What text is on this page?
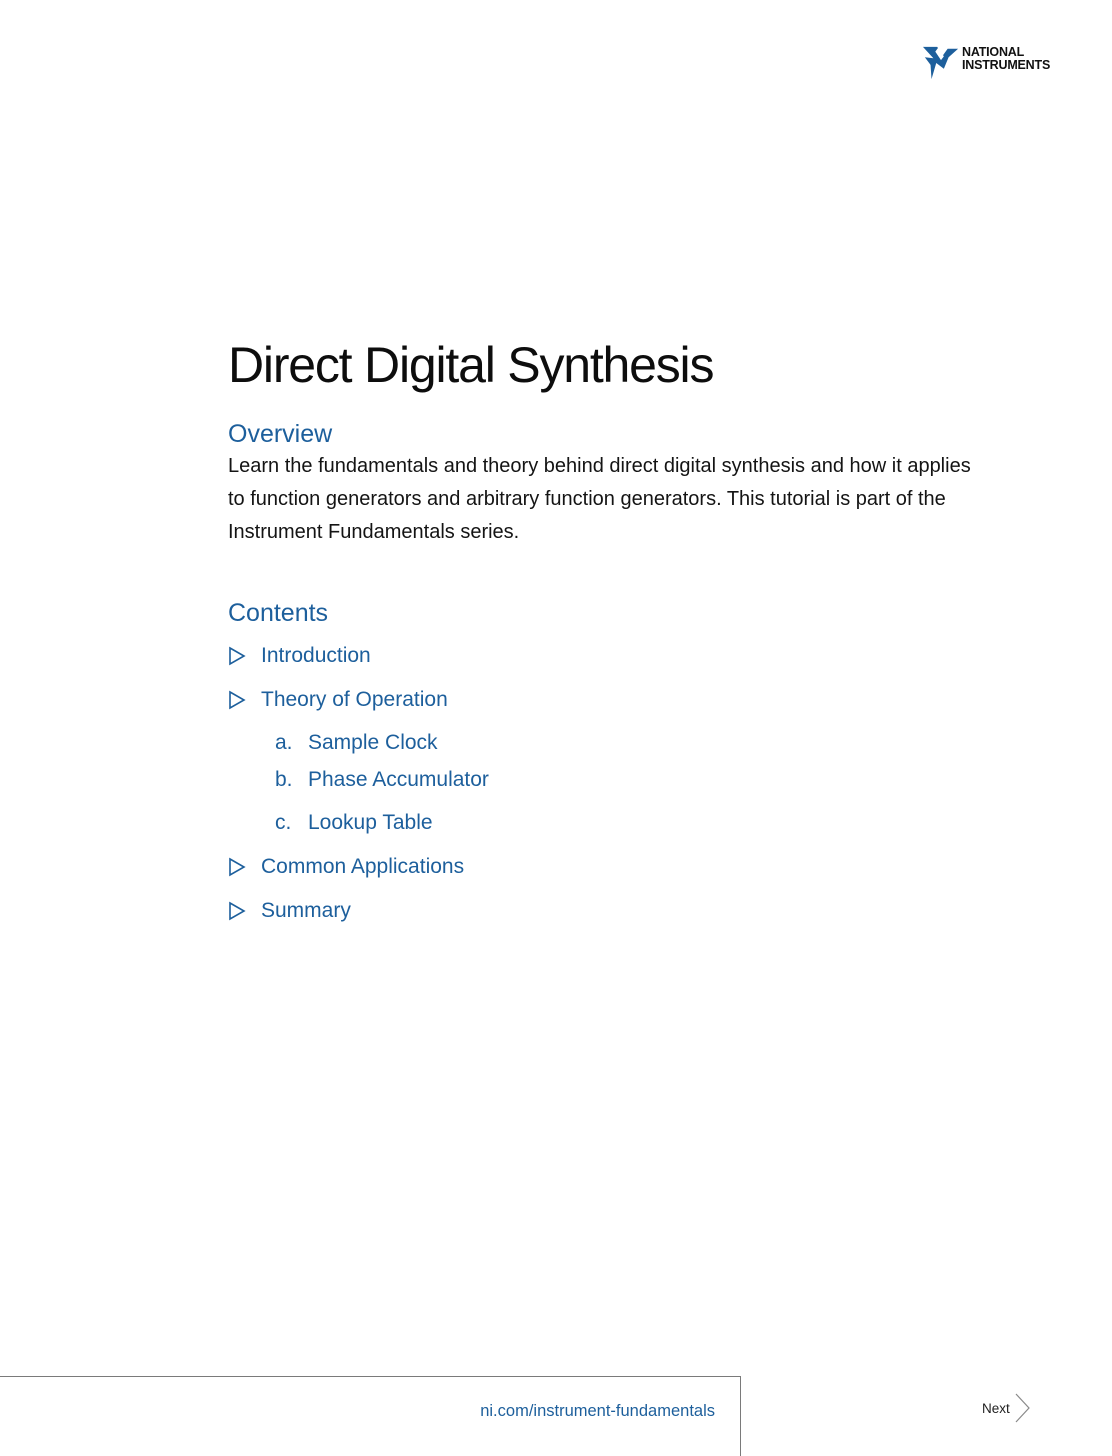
NATIONAL
INSTRUMENTS
Direct Digital Synthesis
Overview

Learn the fundamentals and theory behind direct digital synthesis and how it applies to function generators and arbitrary function generators. This tutorial is part of the Instrument Fundamentals series.

Contents
Introduction
Theory of Operation
a. Sample Clock
b. Phase Accumulator
c. Lookup Table
Common Applications
Summary
ni.com/instrument-fundamentals	Next
